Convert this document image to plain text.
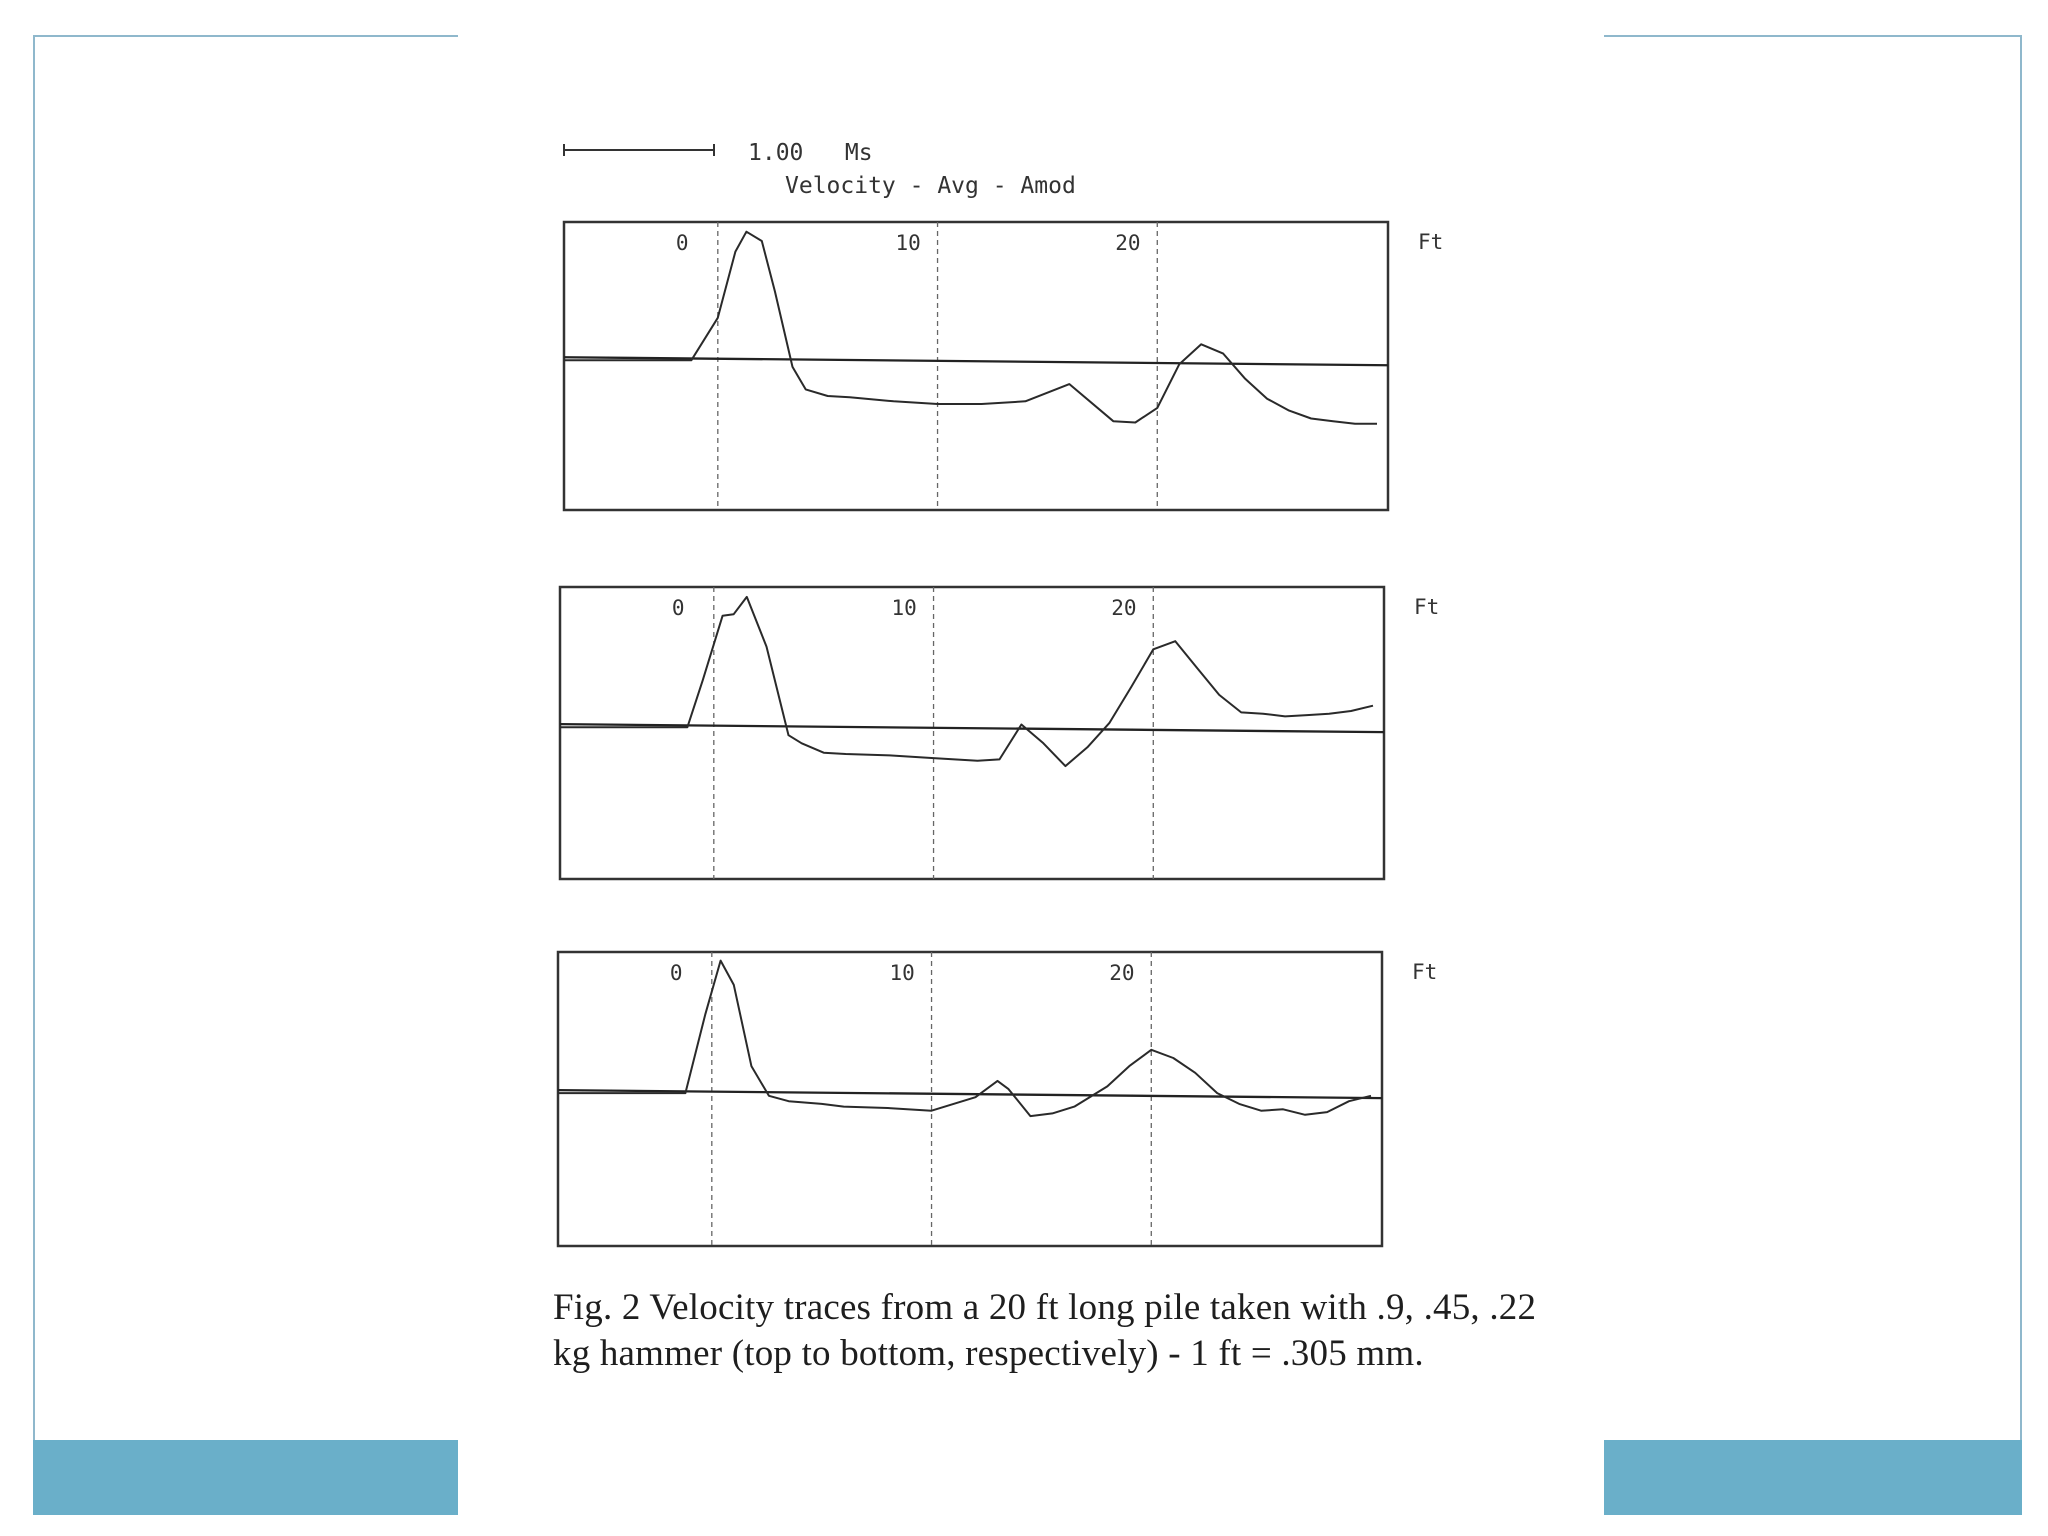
1.00   Ms
Velocity - Avg - Amod
0	10	20	Ft
0	10	20	Ft
0	10	20	Ft
Fig. 2 Velocity traces from a 20 ft long pile taken with .9, .45, .22 kg hammer (top to bottom, respectively) - 1 ft = .305 mm.
